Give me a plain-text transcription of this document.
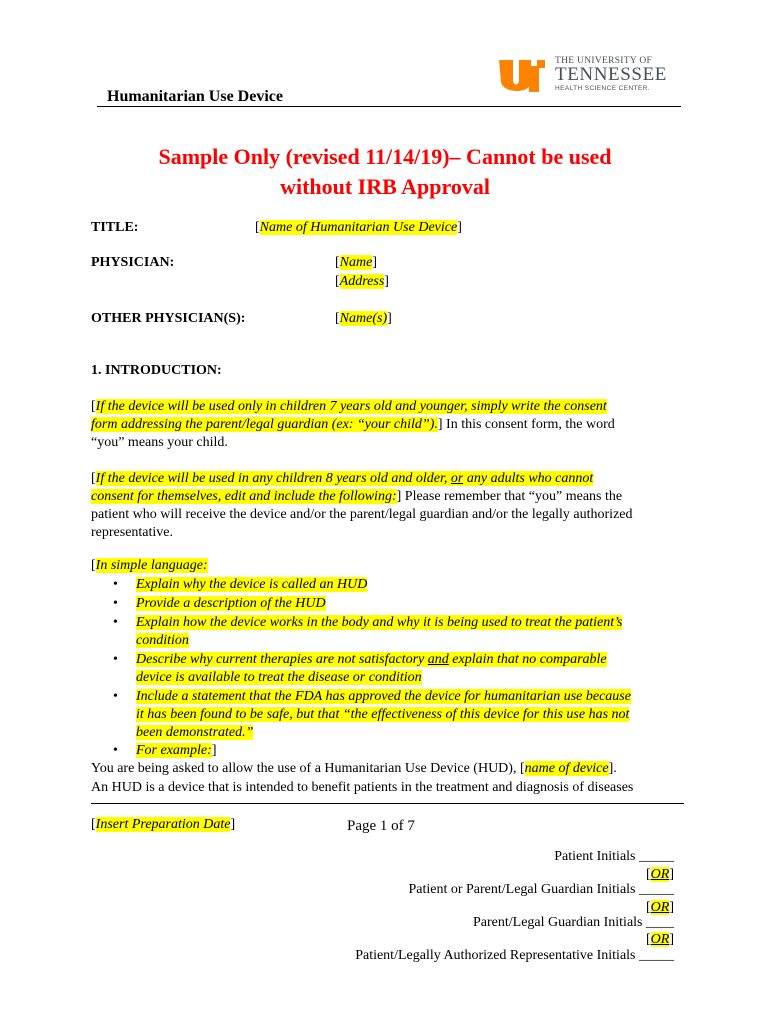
THE UNIVERSITY OF
TENNESSEE
HEALTH SCIENCE CENTER.
Humanitarian Use Device
Sample Only (revised 11/14/19)– Cannot be used
without IRB Approval
TITLE:	[Name of Humanitarian Use Device]
PHYSICIAN:	[Name]
[Address]
OTHER PHYSICIAN(S):	[Name(s)]
1. INTRODUCTION:
[If the device will be used only in children 7 years old and younger, simply write the consent
form addressing the parent/legal guardian (ex: “your child”).] In this consent form, the word
“you” means your child.
[If the device will be used in any children 8 years old and older, or any adults who cannot
consent for themselves, edit and include the following:] Please remember that “you” means the
patient who will receive the device and/or the parent/legal guardian and/or the legally authorized
representative.
[In simple language:
• Explain why the device is called an HUD
• Provide a description of the HUD
• Explain how the device works in the body and why it is being used to treat the patient’s
condition
• Describe why current therapies are not satisfactory and explain that no comparable
device is available to treat the disease or condition
• Include a statement that the FDA has approved the device for humanitarian use because
it has been found to be safe, but that “the effectiveness of this device for this use has not
been demonstrated.”
• For example:]
You are being asked to allow the use of a Humanitarian Use Device (HUD), [name of device].
An HUD is a device that is intended to benefit patients in the treatment and diagnosis of diseases
[Insert Preparation Date]	Page 1 of 7
Patient Initials _____
[OR]
Patient or Parent/Legal Guardian Initials _____
[OR]
Parent/Legal Guardian Initials ____
[OR]
Patient/Legally Authorized Representative Initials _____
